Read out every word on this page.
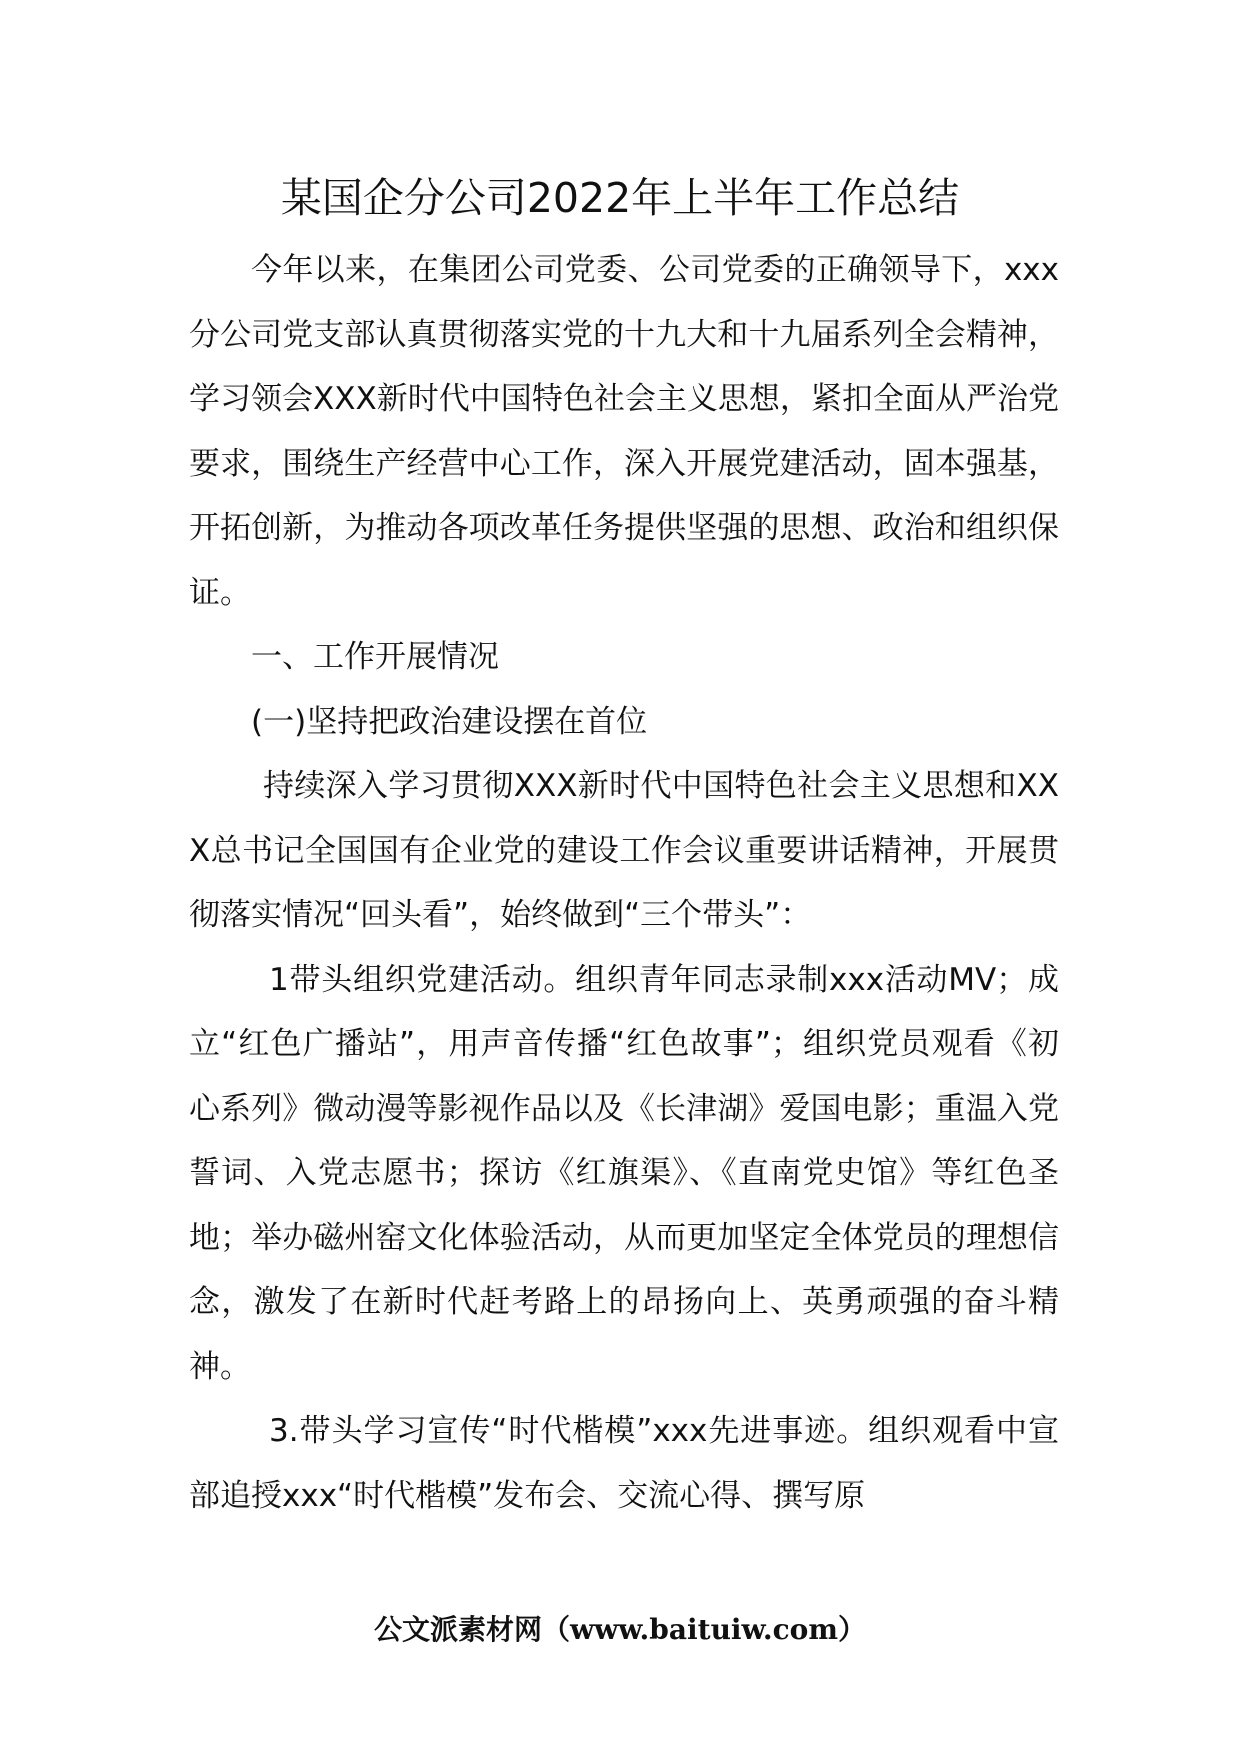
某国企分公司2022年上半年工作总结

今年以来，在集团公司党委、公司党委的正确领导下，xxx分公司党支部认真贯彻落实党的十九大和十九届系列全会精神，学习领会XXX新时代中国特色社会主义思想，紧扣全面从严治党要求，围绕生产经营中心工作，深入开展党建活动，固本强基，开拓创新，为推动各项改革任务提供坚强的思想、政治和组织保证。

一、工作开展情况

(一)坚持把政治建设摆在首位

持续深入学习贯彻XXX新时代中国特色社会主义思想和XXX总书记全国国有企业党的建设工作会议重要讲话精神，开展贯彻落实情况“回头看”，始终做到“三个带头”：

1带头组织党建活动。组织青年同志录制xxx活动MV；成立“红色广播站”，用声音传播“红色故事”；组织党员观看《初心系列》微动漫等影视作品以及《长津湖》爱国电影；重温入党誓词、入党志愿书；探访《红旗渠》、《直南党史馆》等红色圣地；举办磁州窑文化体验活动，从而更加坚定全体党员的理想信念，激发了在新时代赶考路上的昂扬向上、英勇顽强的奋斗精神。

3.带头学习宣传“时代楷模”xxx先进事迹。组织观看中宣部追授xxx“时代楷模”发布会、交流心得、撰写原

公文派素材网（www.baituiw.com）
